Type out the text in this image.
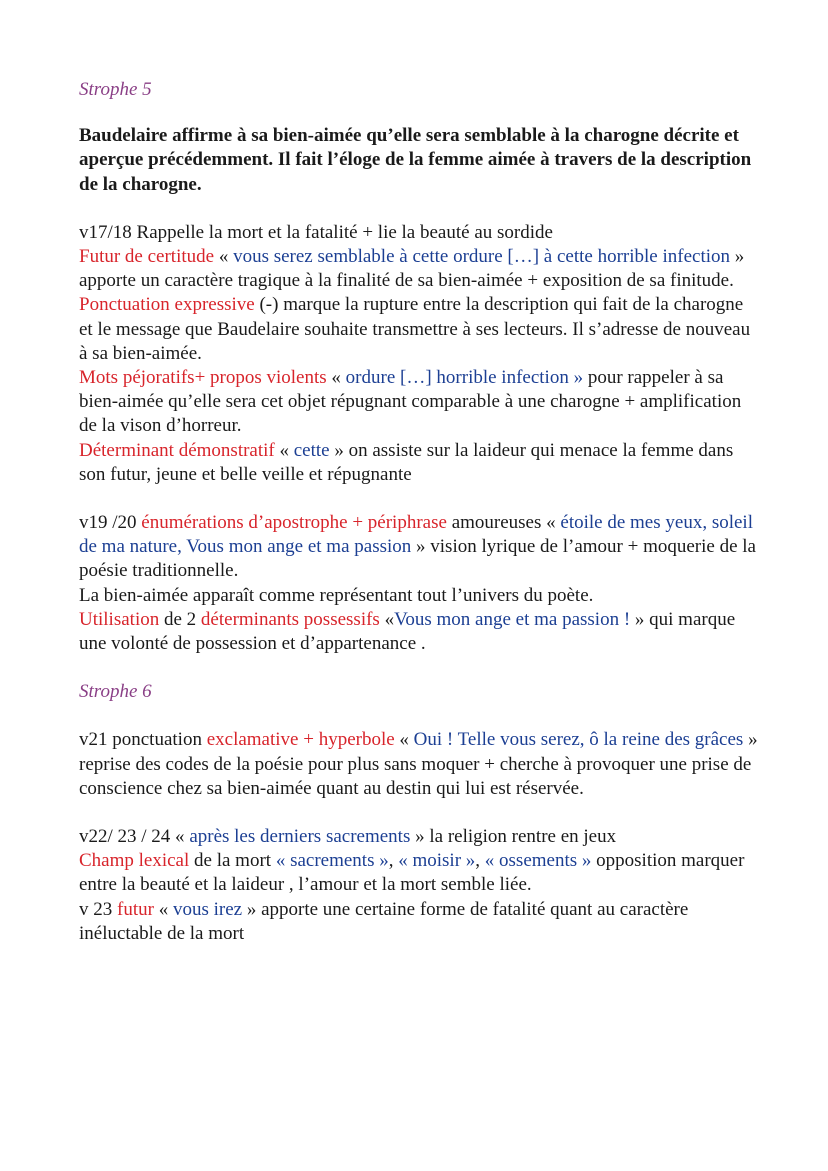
Strophe 5

Baudelaire affirme à sa bien-aimée qu’elle sera semblable à la charogne décrite et aperçue précédemment. Il fait l’éloge de la femme aimée à travers de la description de la charogne.

v17/18 Rappelle la mort et la fatalité + lie la beauté au sordide

Futur de certitude « vous serez semblable à cette ordure […] à cette horrible infection » apporte un caractère tragique à la finalité de sa bien-aimée + exposition de sa finitude.

Ponctuation expressive (-) marque la rupture entre la description qui fait de la charogne et le message que Baudelaire souhaite transmettre à ses lecteurs. Il s’adresse de nouveau à sa bien-aimée.

Mots péjoratifs+ propos violents « ordure […] horrible infection » pour rappeler à sa bien-aimée qu’elle sera cet objet répugnant comparable à une charogne + amplification de la vison d’horreur.

Déterminant démonstratif « cette » on assiste sur la laideur qui menace la femme dans son futur, jeune et belle veille et répugnante

v19 /20 énumérations d’apostrophe + périphrase amoureuses « étoile de mes yeux, soleil de ma nature, Vous mon ange et ma passion » vision lyrique de l’amour + moquerie de la poésie traditionnelle.

La bien-aimée apparaît comme représentant tout l’univers du poète.

Utilisation de 2 déterminants possessifs «Vous mon ange et ma passion ! » qui marque une volonté de possession et d’appartenance .

Strophe 6

v21 ponctuation exclamative + hyperbole « Oui ! Telle vous serez, ô la reine des grâces » reprise des codes de la poésie pour plus sans moquer + cherche à provoquer une prise de conscience chez sa bien-aimée quant au destin qui lui est réservée.

v22/ 23 / 24 « après les derniers sacrements » la religion rentre en jeux

Champ lexical de la mort « sacrements », « moisir », « ossements » opposition marquer entre la beauté et la laideur , l’amour et la mort semble liée.

v 23 futur « vous irez » apporte une certaine forme de fatalité quant au caractère inéluctable de la mort
